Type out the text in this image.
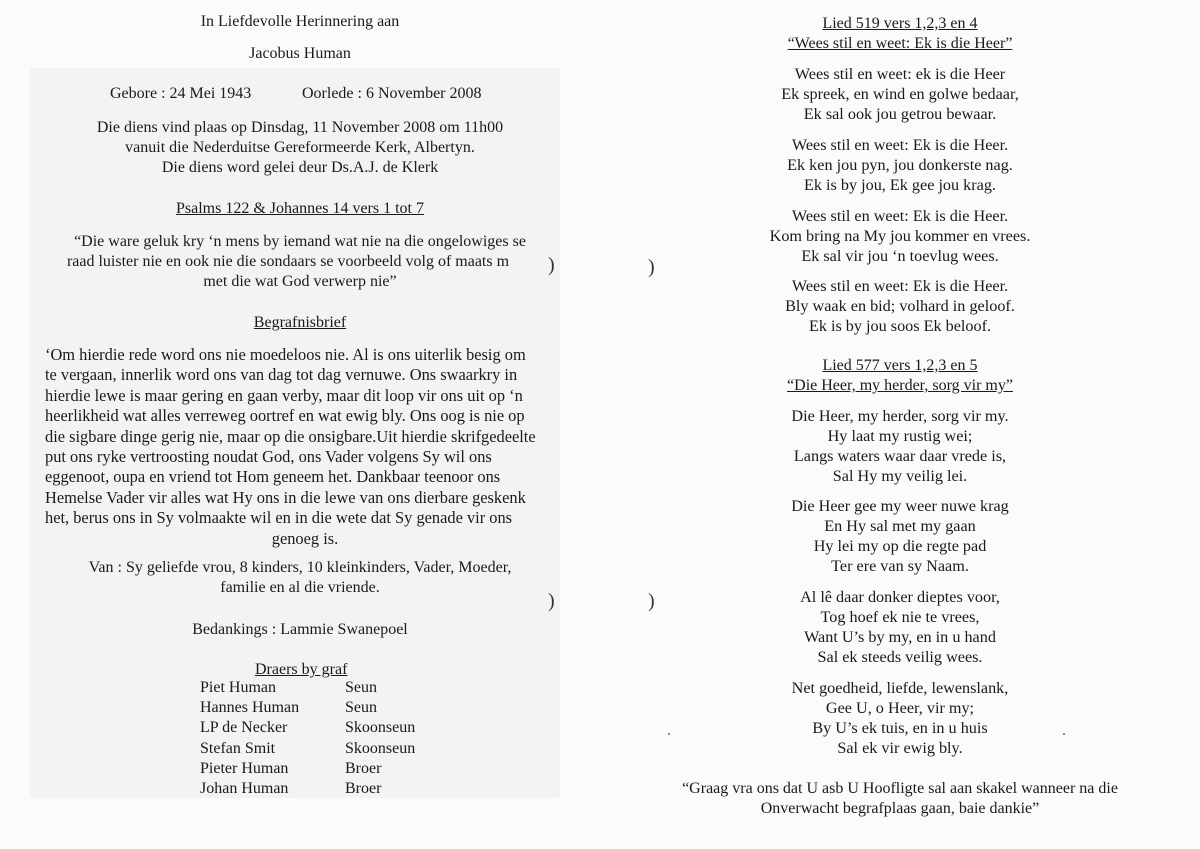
In Liefdevolle Herinnering aan
Jacobus Human
Gebore : 24 Mei 1943	Oorlede : 6 November 2008
Die diens vind plaas op Dinsdag, 11 November 2008 om 11h00
vanuit die Nederduitse Gereformeerde Kerk, Albertyn.
Die diens word gelei deur Ds.A.J. de Klerk
Psalms 122 & Johannes 14 vers 1 tot 7
“Die ware geluk kry ‘n mens by iemand wat nie na die ongelowiges se
raad luister nie en ook nie die sondaars se voorbeeld volg of maats m
met die wat God verwerp nie”
Begrafnisbrief
‘Om hierdie rede word ons nie moedeloos nie. Al is ons uiterlik besig om
te vergaan, innerlik word ons van dag tot dag vernuwe. Ons swaarkry in
hierdie lewe is maar gering en gaan verby, maar dit loop vir ons uit op ‘n
heerlikheid wat alles verreweg oortref en wat ewig bly. Ons oog is nie op
die sigbare dinge gerig nie, maar op die onsigbare.Uit hierdie skrifgedeelte
put ons ryke vertroosting noudat God, ons Vader volgens Sy wil ons
eggenoot, oupa en vriend tot Hom geneem het. Dankbaar teenoor ons
Hemelse Vader vir alles wat Hy ons in die lewe van ons dierbare geskenk
het, berus ons in Sy volmaakte wil en in die wete dat Sy genade vir ons
genoeg is.
Van : Sy geliefde vrou, 8 kinders, 10 kleinkinders, Vader, Moeder,
familie en al die vriende.
Bedankings : Lammie Swanepoel
Draers by graf
Piet Human	Seun
Hannes Human	Seun
LP de Necker	Skoonseun
Stefan Smit	Skoonseun
Pieter Human	Broer
Johan Human	Broer
)
)
Lied 519 vers 1,2,3 en 4
“Wees stil en weet: Ek is die Heer”
Wees stil en weet: ek is die Heer
Ek spreek, en wind en golwe bedaar,
Ek sal ook jou getrou bewaar.
Wees stil en weet: Ek is die Heer.
Ek ken jou pyn, jou donkerste nag.
Ek is by jou, Ek gee jou krag.
Wees stil en weet: Ek is die Heer.
Kom bring na My jou kommer en vrees.
Ek sal vir jou ‘n toevlug wees.
Wees stil en weet: Ek is die Heer.
Bly waak en bid; volhard in geloof.
Ek is by jou soos Ek beloof.
Lied 577 vers 1,2,3 en 5
“Die Heer, my herder, sorg vir my”
Die Heer, my herder, sorg vir my.
Hy laat my rustig wei;
Langs waters waar daar vrede is,
Sal Hy my veilig lei.
Die Heer gee my weer nuwe krag
En Hy sal met my gaan
Hy lei my op die regte pad
Ter ere van sy Naam.
Al lê daar donker dieptes voor,
Tog hoef ek nie te vrees,
Want U’s by my, en in u hand
Sal ek steeds veilig wees.
Net goedheid, liefde, lewenslank,
Gee U, o Heer, vir my;
By U’s ek tuis, en in u huis
Sal ek vir ewig bly.
“Graag vra ons dat U asb U Hoofligte sal aan skakel wanneer na die
Onverwacht begrafplaas gaan, baie dankie”
)
)
